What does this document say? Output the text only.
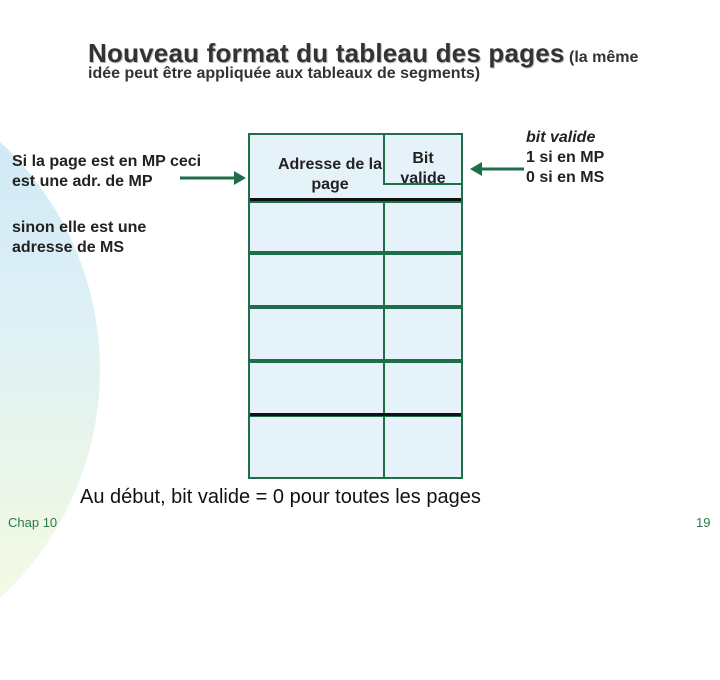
Nouveau format du tableau des pages (la même
idée peut être appliquée aux tableaux de segments)
Si la page est en MP ceci
est une adr. de MP
sinon elle est une
adresse de MS
Adresse de la
page
Bit
valide
bit valide
1 si en MP
0 si en MS
Au début, bit valide = 0 pour toutes les pages
Chap 10	19
